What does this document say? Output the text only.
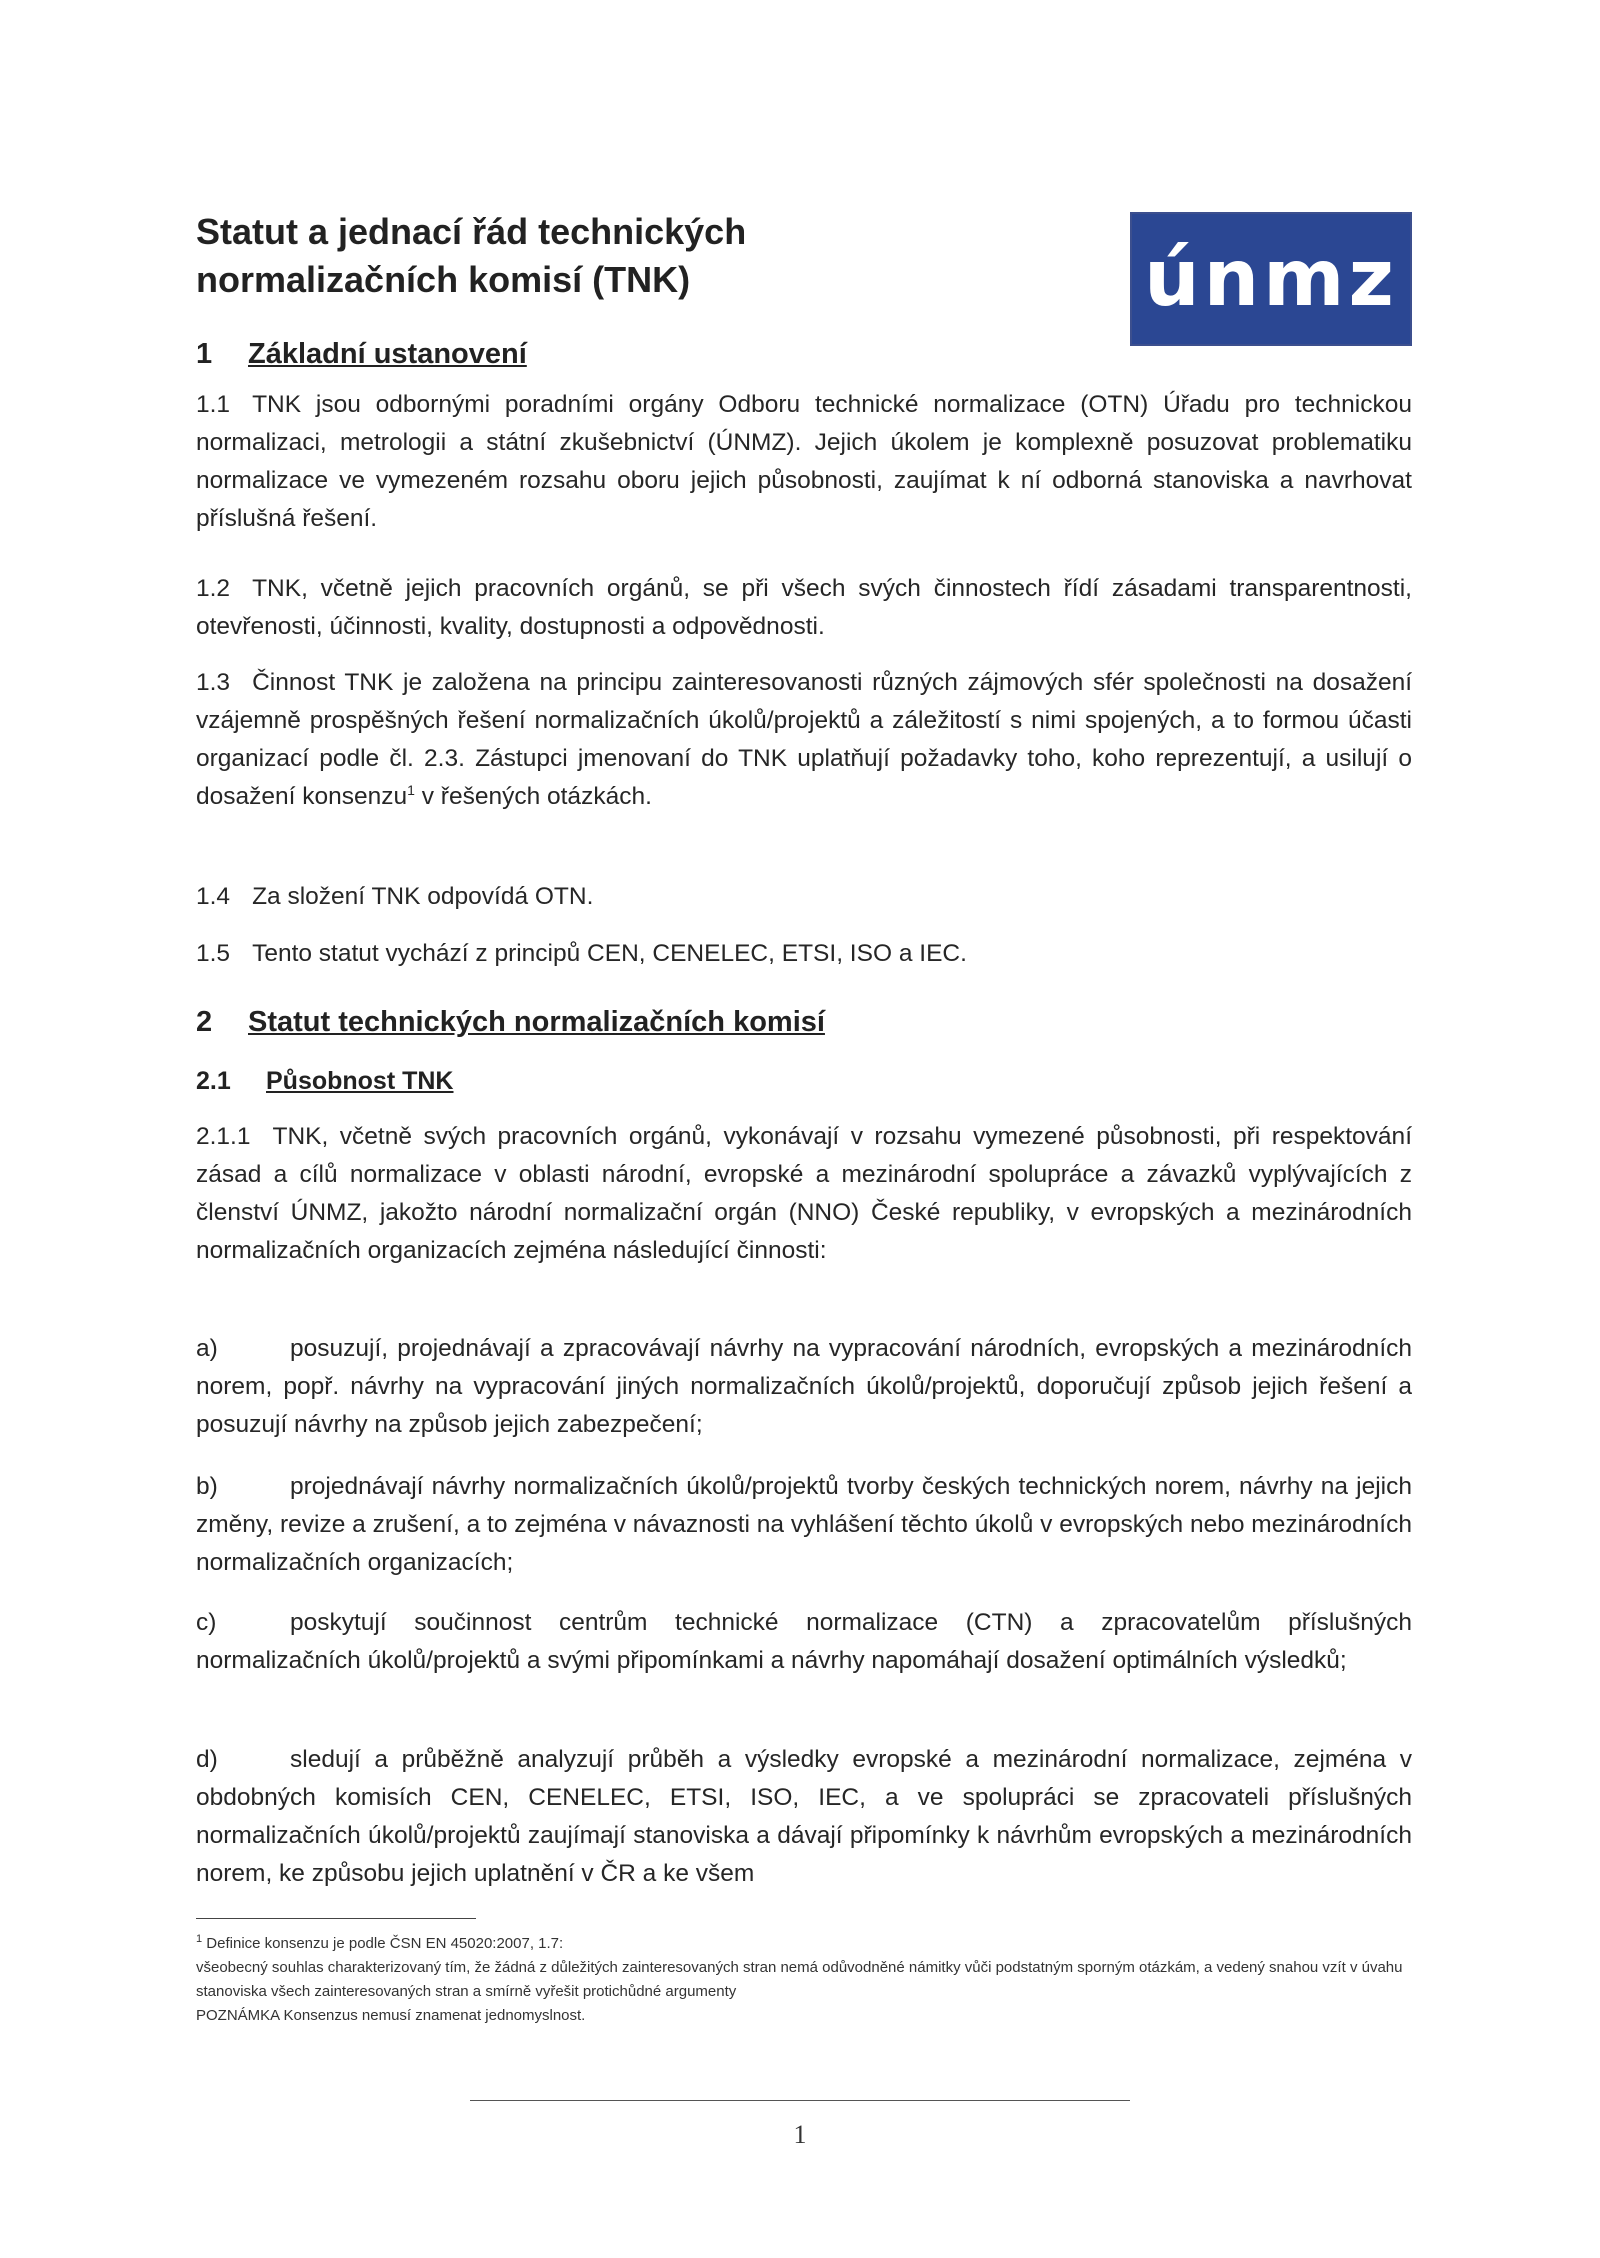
Statut a jednací řád technických
normalizačních komisí (TNK)	únmz
1 Základní ustanovení
1.1 TNK jsou odbornými poradními orgány Odboru technické normalizace (OTN) Úřadu pro technickou normalizaci, metrologii a státní zkušebnictví (ÚNMZ). Jejich úkolem je komplexně posuzovat problematiku normalizace ve vymezeném rozsahu oboru jejich působnosti, zaujímat k ní odborná stanoviska a navrhovat příslušná řešení.
1.2 TNK, včetně jejich pracovních orgánů, se při všech svých činnostech řídí zásadami transparentnosti, otevřenosti, účinnosti, kvality, dostupnosti a odpovědnosti.
1.3 Činnost TNK je založena na principu zainteresovanosti různých zájmových sfér společnosti na dosažení vzájemně prospěšných řešení normalizačních úkolů/projektů a záležitostí s nimi spojených, a to formou účasti organizací podle čl. 2.3. Zástupci jmenovaní do TNK uplatňují požadavky toho, koho reprezentují, a usilují o dosažení konsenzu$^1$ v řešených otázkách.
1.4 Za složení TNK odpovídá OTN.
1.5 Tento statut vychází z principů CEN, CENELEC, ETSI, ISO a IEC.
2 Statut technických normalizačních komisí
2.1 Působnost TNK
2.1.1 TNK, včetně svých pracovních orgánů, vykonávají v rozsahu vymezené působnosti, při respektování zásad a cílů normalizace v oblasti národní, evropské a mezinárodní spolupráce a závazků vyplývajících z členství ÚNMZ, jakožto národní normalizační orgán (NNO) České republiky, v evropských a mezinárodních normalizačních organizacích zejména následující činnosti:
a)	posuzují, projednávají a zpracovávají návrhy na vypracování národních, evropských a mezinárodních norem, popř. návrhy na vypracování jiných normalizačních úkolů/projektů, doporučují způsob jejich řešení a posuzují návrhy na způsob jejich zabezpečení;
b)	projednávají návrhy normalizačních úkolů/projektů tvorby českých technických norem, návrhy na jejich změny, revize a zrušení, a to zejména v návaznosti na vyhlášení těchto úkolů v evropských nebo mezinárodních normalizačních organizacích;
c)	poskytují součinnost centrům technické normalizace (CTN) a zpracovatelům příslušných normalizačních úkolů/projektů a svými připomínkami a návrhy napomáhají dosažení optimálních výsledků;
d)	sledují a průběžně analyzují průběh a výsledky evropské a mezinárodní normalizace, zejména v obdobných komisích CEN, CENELEC, ETSI, ISO, IEC, a ve spolupráci se zpracovateli příslušných normalizačních úkolů/projektů zaujímají stanoviska a dávají připomínky k návrhům evropských a mezinárodních norem, ke způsobu jejich uplatnění v ČR a ke všem
$^1$ Definice konsenzu je podle ČSN EN 45020:2007, 1.7:
všeobecný souhlas charakterizovaný tím, že žádná z důležitých zainteresovaných stran nemá odůvodněné námitky vůči podstatným sporným otázkám, a vedený snahou vzít v úvahu stanoviska všech zainteresovaných stran a smírně vyřešit protichůdné argumenty
POZNÁMKA Konsenzus nemusí znamenat jednomyslnost.
1
